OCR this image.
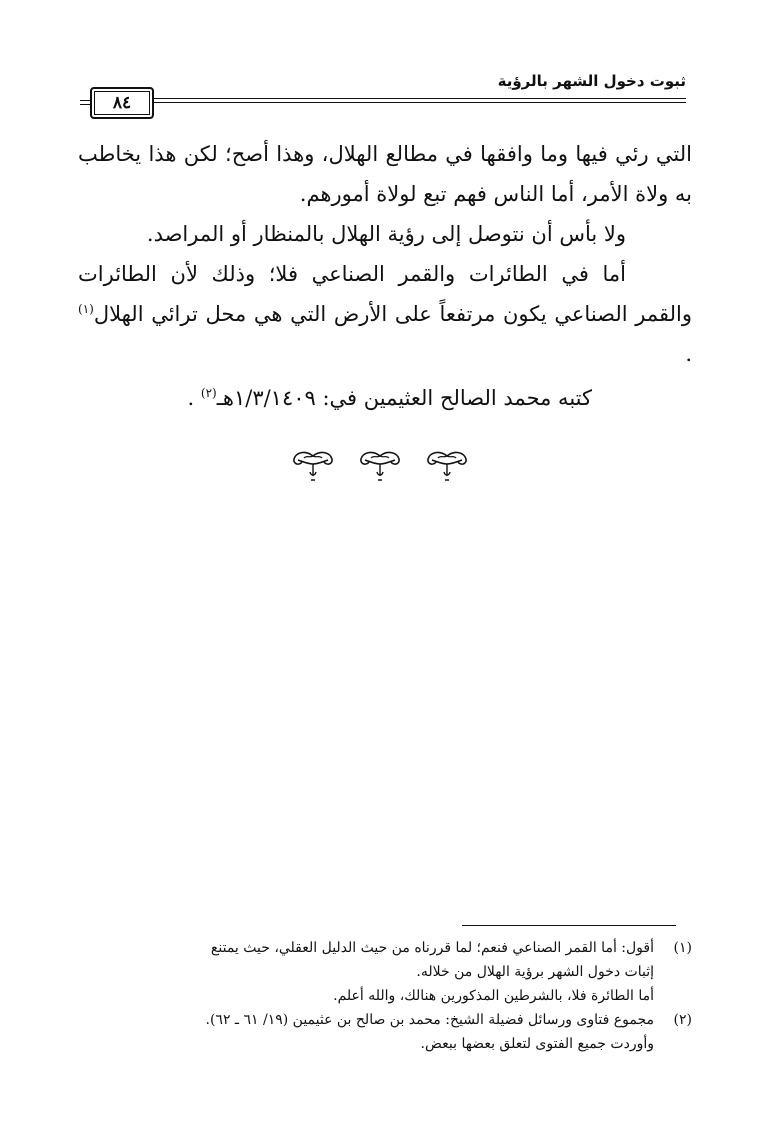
ثبوت دخول الشهر بالرؤية
٨٤

التي رئي فيها وما وافقها في مطالع الهلال، وهذا أصح؛ لكن هذا يخاطب به ولاة الأمر، أما الناس فهم تبع لولاة أمورهم.

ولا بأس أن نتوصل إلى رؤية الهلال بالمنظار أو المراصد.

أما في الطائرات والقمر الصناعي فلا؛ وذلك لأن الطائرات والقمر الصناعي يكون مرتفعاً على الأرض التي هي محل ترائي الهلال$^{(١)}$ .

كتبه محمد الصالح العثيمين في: ١/٣/١٤٠٩هـ$^{(٢)}$ .

(١)أقول: أما القمر الصناعي فنعم؛ لما قررناه من حيث الدليل العقلي، حيث يمتنع

إثبات دخول الشهر برؤية الهلال من خلاله.

أما الطائرة فلا، بالشرطين المذكورين هنالك، والله أعلم.

(٢)مجموع فتاوى ورسائل فضيلة الشيخ: محمد بن صالح بن عثيمين (١٩/ ٦١ ـ ٦٢).

وأوردت جميع الفتوى لتعلق بعضها ببعض.
